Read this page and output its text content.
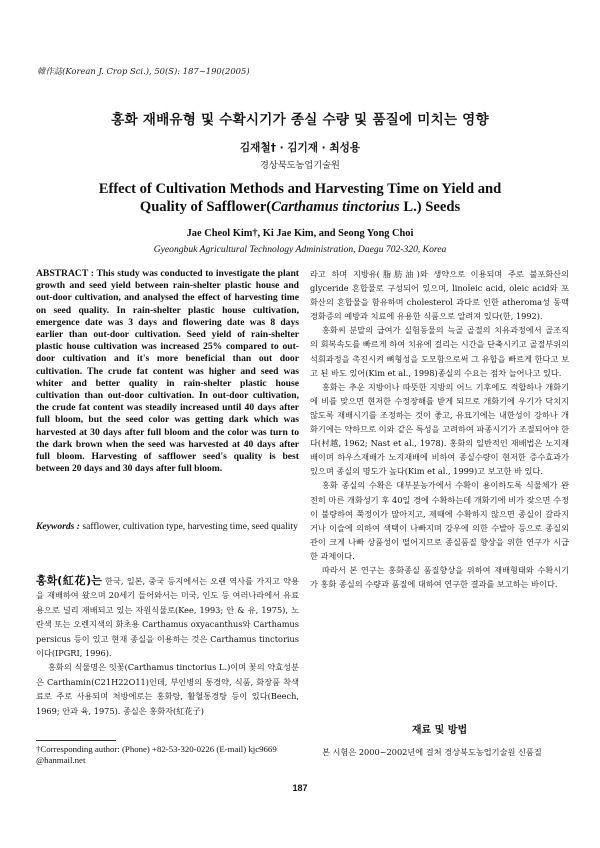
韓作誌(Korean J. Crop Sci.), 50(S): 187~190(2005)
홍화 재배유형 및 수확시기가 종실 수량 및 품질에 미치는 영향
김재철† · 김기재 · 최성용
경상북도농업기술원
Effect of Cultivation Methods and Harvesting Time on Yield and
Quality of Safflower(Carthamus tinctorius L.) Seeds
Jae Cheol Kim†, Ki Jae Kim, and Seong Yong Choi
Gyeongbuk Agricultural Technology Administration, Daegu 702-320, Korea
ABSTRACT : This study was conducted to investigate the plant growth and seed yield between rain-shelter plastic house and out-door cultivation, and analysed the effect of harvesting time on seed quality. In rain-shelter plastic house cultivation, emergence date was 3 days and flowering date was 8 days earlier than out-door cultivation. Seed yield of rain-shelter plastic house cultivation was increased 25% compared to out-door cultivation and it's more beneficial than out door cultivation. The crude fat content was higher and seed was whiter and better quality in rain-shelter plastic house cultivation than out-door cultivation. In out-door cultivation, the crude fat content was steadily increased until 40 days after full bloom, but the seed color was getting dark which was harvested at 30 days after full bloom and the color was turn to the dark brown when the seed was harvested at 40 days after full bloom. Harvesting of safflower seed's quality is best between 20 days and 30 days after full bloom.
Keywords : safflower, cultivation type, harvesting time, seed quality

홍화(紅花)는 한국, 일본, 중국 등지에서는 오랜 역사를 가지고 약용을 재배하여 왔으며 20세기 들어와서는 미국, 인도 등 여러나라에서 유료용으로 널리 재배되고 있는 자원식물로(Kee, 1993; 안 & 유, 1975), 노란색 또는 오렌지색의 화초용 Carthamus oxyacanthus와 Carthamus persicus 등이 있고 현재 종실을 이용하는 것은 Carthamus tinctorius이다(IPGRI, 1996).

홍화의 식물명은 잇꽃(Carthamus tinctorius L.)이며 꽃의 약효성분은 Carthamin(C21H22O11)인데, 부인병의 통경약, 식품, 화장품 착색료로 주로 사용되며 처방에로는 홍화탕, 활혈통경탕 등이 있다(Beech, 1969; 안과 육, 1975). 종실은 홍화자(紅花子)

†Corresponding author: (Phone) +82-53-320-0226 (E-mail) kjc9669
@hanmail.net

라고 하며 지방유(脂肪油)와 생약으로 이용되며 주로 불포화산의 glyceride 혼합물로 구성되어 있으며, linoleic acid, oleic acid와 포화산의 혼합물을 함유하며 cholesterol 과다로 인한 atheroma성 동맥경화증의 예방과 치료에 유용한 식품으로 알려져 있다(한, 1992).

홍화씨 분말의 급여가 실험동물의 늑골 골절의 치유과정에서 골조직의 회복속도를 빠르게 하여 치유에 걸리는 시간을 단축시키고 골절부위의 석회과정을 촉진시켜 뼈형성을 도모함으로써 그 유합을 빠르게 한다고 보고 된 바도 있어(Kim et al., 1998)종실의 수요는 점차 늘어나고 있다.

홍화는 추운 지방이나 따뜻한 지방의 어느 기후에도 적합하나 개화기에 비를 맞으면 현저한 수정장해를 받게 되므로 개화기에 우기가 닥치지 않도록 재배시기를 조정하는 것이 좋고, 유묘기에는 내한성이 강하나 개화기에는 약하므로 이와 같은 특성을 고려하여 파종시기가 조절되어야 한다(村越, 1962; Nast et al., 1978). 홍화의 일반적인 재배법은 노지재배이며 하우스재배가 노지재배에 비하여 종실수량이 현저한 증수효과가 있으며 종실의 명도가 높다(Kim et al., 1999)고 보고한 바 있다.

홍화 종실의 수확은 대부분농가에서 수확이 용이하도록 식물체가 완전히 마른 개화성기 후 40일 경에 수확하는데 개화기에 비가 잦으면 수정이 불량하여 쭉정이가 많아지고, 제때에 수확하지 않으면 종실이 갈라지거나 이슬에 의하여 색택이 나빠지며 강우에 의한 수발아 등으로 종실외관이 크게 나빠 상품성이 떨어지므로 종실품질 향상을 위한 연구가 시급한 과제이다.

따라서 본 연구는 홍화종실 품질향상을 위하여 재배형태와 수확시기가 홍화 종실의 수량과 품질에 대하여 연구한 결과를 보고하는 바이다.

재료 및 방법
본 시험은 2000~2002년에 걸쳐 경상북도농업기술원 신품질
187
